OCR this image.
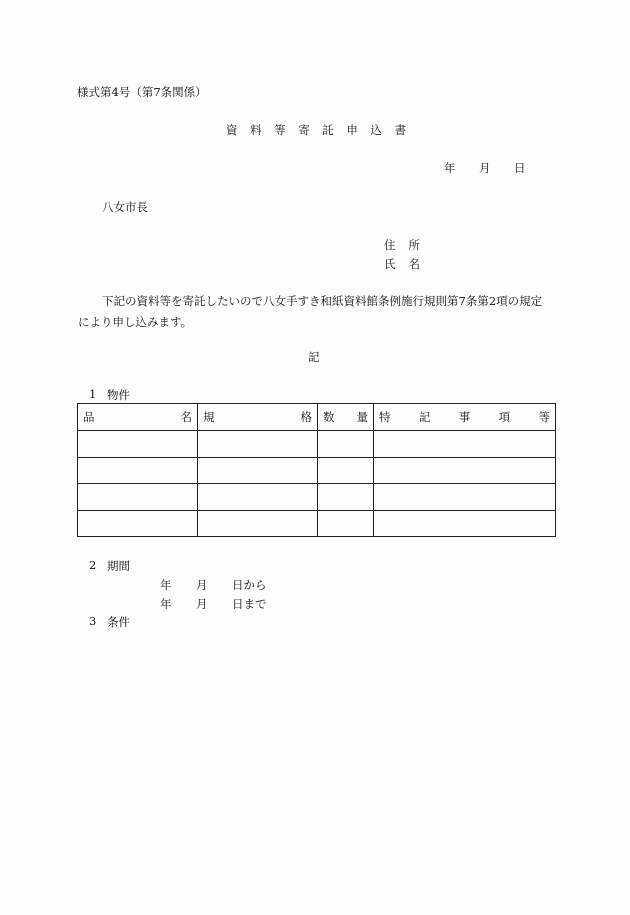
様式第4号（第7条関係）
資 料 等 寄 託 申 込 書
年 月 日
八女市長
住 所
氏 名
下記の資料等を寄託したいので八女手すき和紙資料館条例施行規則第7条第2項の規定
により申し込みます。
記
1 物件
品 名	規 格	数 量	特 記 事 項 等

2 期間
年 月 日から
年 月 日まで
3 条件
